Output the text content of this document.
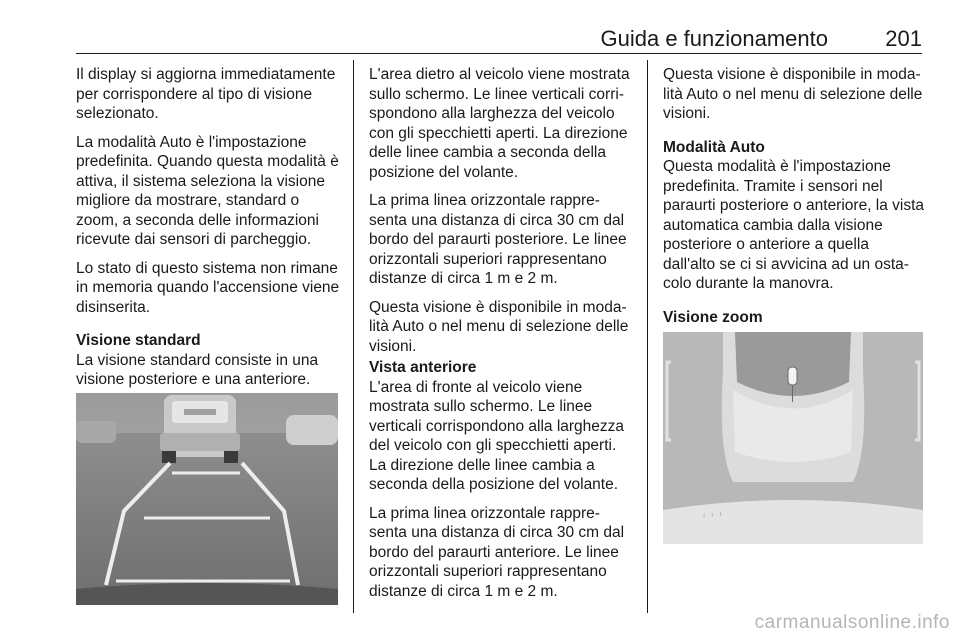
Guida e funzionamento	201

Il display si aggiorna immediatamente per corrispondere al tipo di visione selezionato.

La modalità Auto è l'impostazione predefinita. Quando questa modalità è attiva, il sistema seleziona la visione migliore da mostrare, standard o zoom, a seconda delle informazioni ricevute dai sensori di parcheggio.

Lo stato di questo sistema non rimane in memoria quando l'accensione viene disinserita.

Visione standard

La visione standard consiste in una visione posteriore e una anteriore.

L'area dietro al veicolo viene mostrata sullo schermo. Le linee verticali corri-spondono alla larghezza del veicolo con gli specchietti aperti. La direzione delle linee cambia a seconda della posizione del volante.

La prima linea orizzontale rappre-senta una distanza di circa 30 cm dal bordo del paraurti posteriore. Le linee orizzontali superiori rappresentano distanze di circa 1 m e 2 m.

Questa visione è disponibile in moda-lità Auto o nel menu di selezione delle visioni.

Vista anteriore

L'area di fronte al veicolo viene mostrata sullo schermo. Le linee verticali corrispondono alla larghezza del veicolo con gli specchietti aperti. La direzione delle linee cambia a seconda della posizione del volante.

La prima linea orizzontale rappre-senta una distanza di circa 30 cm dal bordo del paraurti anteriore. Le linee orizzontali superiori rappresentano distanze di circa 1 m e 2 m.

Questa visione è disponibile in moda-lità Auto o nel menu di selezione delle visioni.

Modalità Auto

Questa modalità è l'impostazione predefinita. Tramite i sensori nel paraurti posteriore o anteriore, la vista automatica cambia dalla visione posteriore o anteriore a quella dall'alto se ci si avvicina ad un osta-colo durante la manovra.

Visione zoom
' ' '
carmanualsonline.info
